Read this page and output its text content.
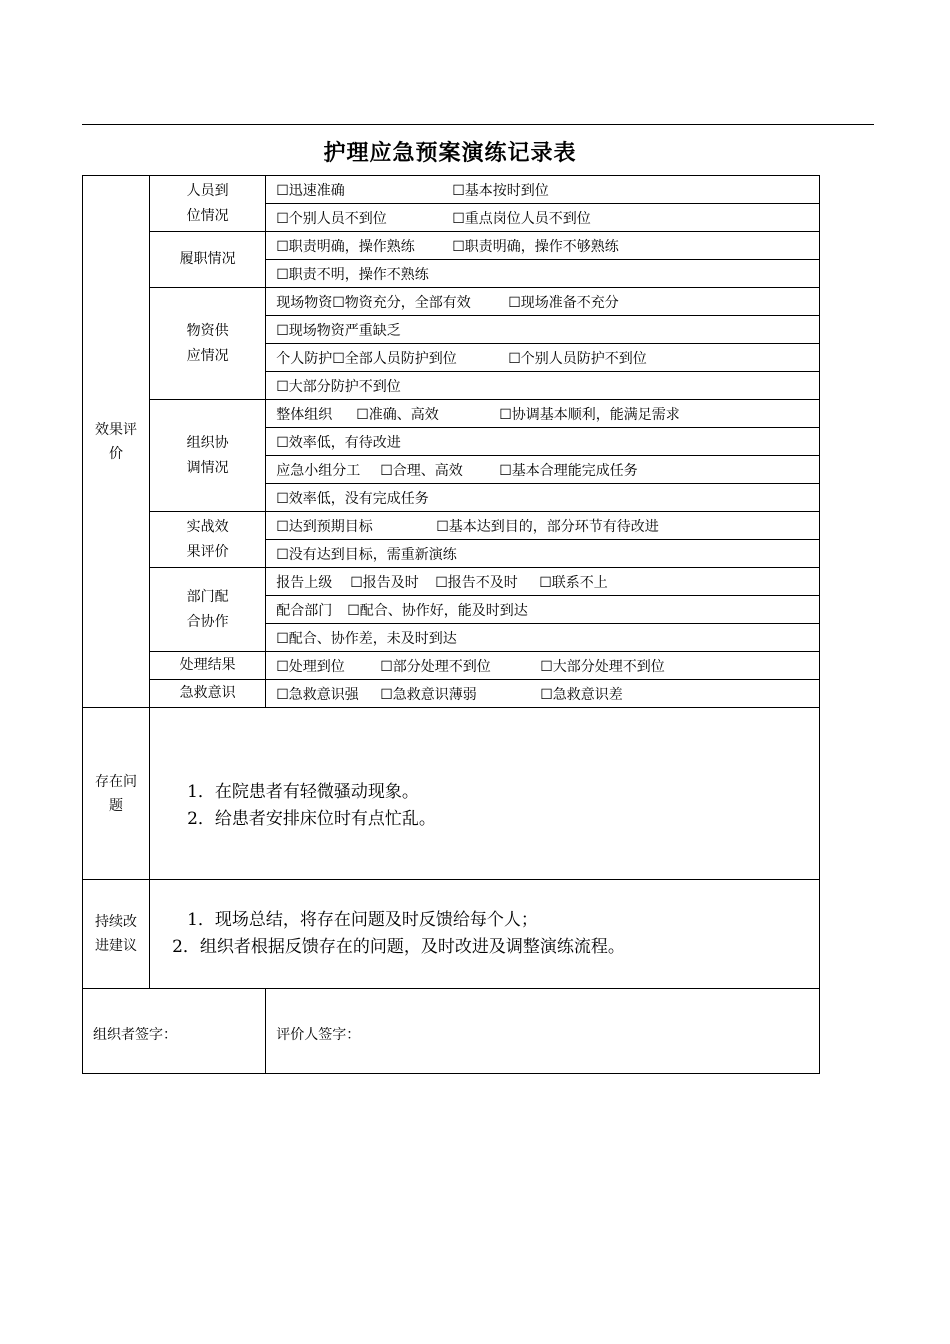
护理应急预案演练记录表
效果评价	人员到位情况	☐迅速准确 ☐基本按时到位
		☐个别人员不到位 ☐重点岗位人员不到位
	履职情况	☐职责明确，操作熟练 ☐职责明确，操作不够熟练
		☐职责不明，操作不熟练

	物资供应情况	现场物资☐物资充分，全部有效 ☐现场准备不充分
		☐现场物资严重缺乏
		个人防护☐全部人员防护到位 ☐个别人员防护不到位
		☐大部分防护不到位

	组织协调情况	整体组织 ☐准确、高效 ☐协调基本顺利，能满足需求
		☐效率低，有待改进
		应急小组分工 ☐合理、高效 ☐基本合理能完成任务
		☐效率低，没有完成任务

	实战效果评价	☐达到预期目标 ☐基本达到目的，部分环节有待改进
		☐没有达到目标，需重新演练

	部门配合协作	报告上级 ☐报告及时 ☐报告不及时 ☐联系不上
		配合部门 ☐配合、协作好，能及时到达
		☐配合、协作差，未及时到达
	处理结果	☐处理到位 ☐部分处理不到位 ☐大部分处理不到位
	急救意识	☐急救意识强 ☐急救意识薄弱 ☐急救意识差

存在问题	1．在院患者有轻微骚动现象。
2．给患者安排床位时有点忙乱。	

持续改进建议	1．现场总结，将存在问题及时反馈给每个人；
2．组织者根据反馈存在的问题，及时改进及调整演练流程。	

组织者签字：		评价人签字：
